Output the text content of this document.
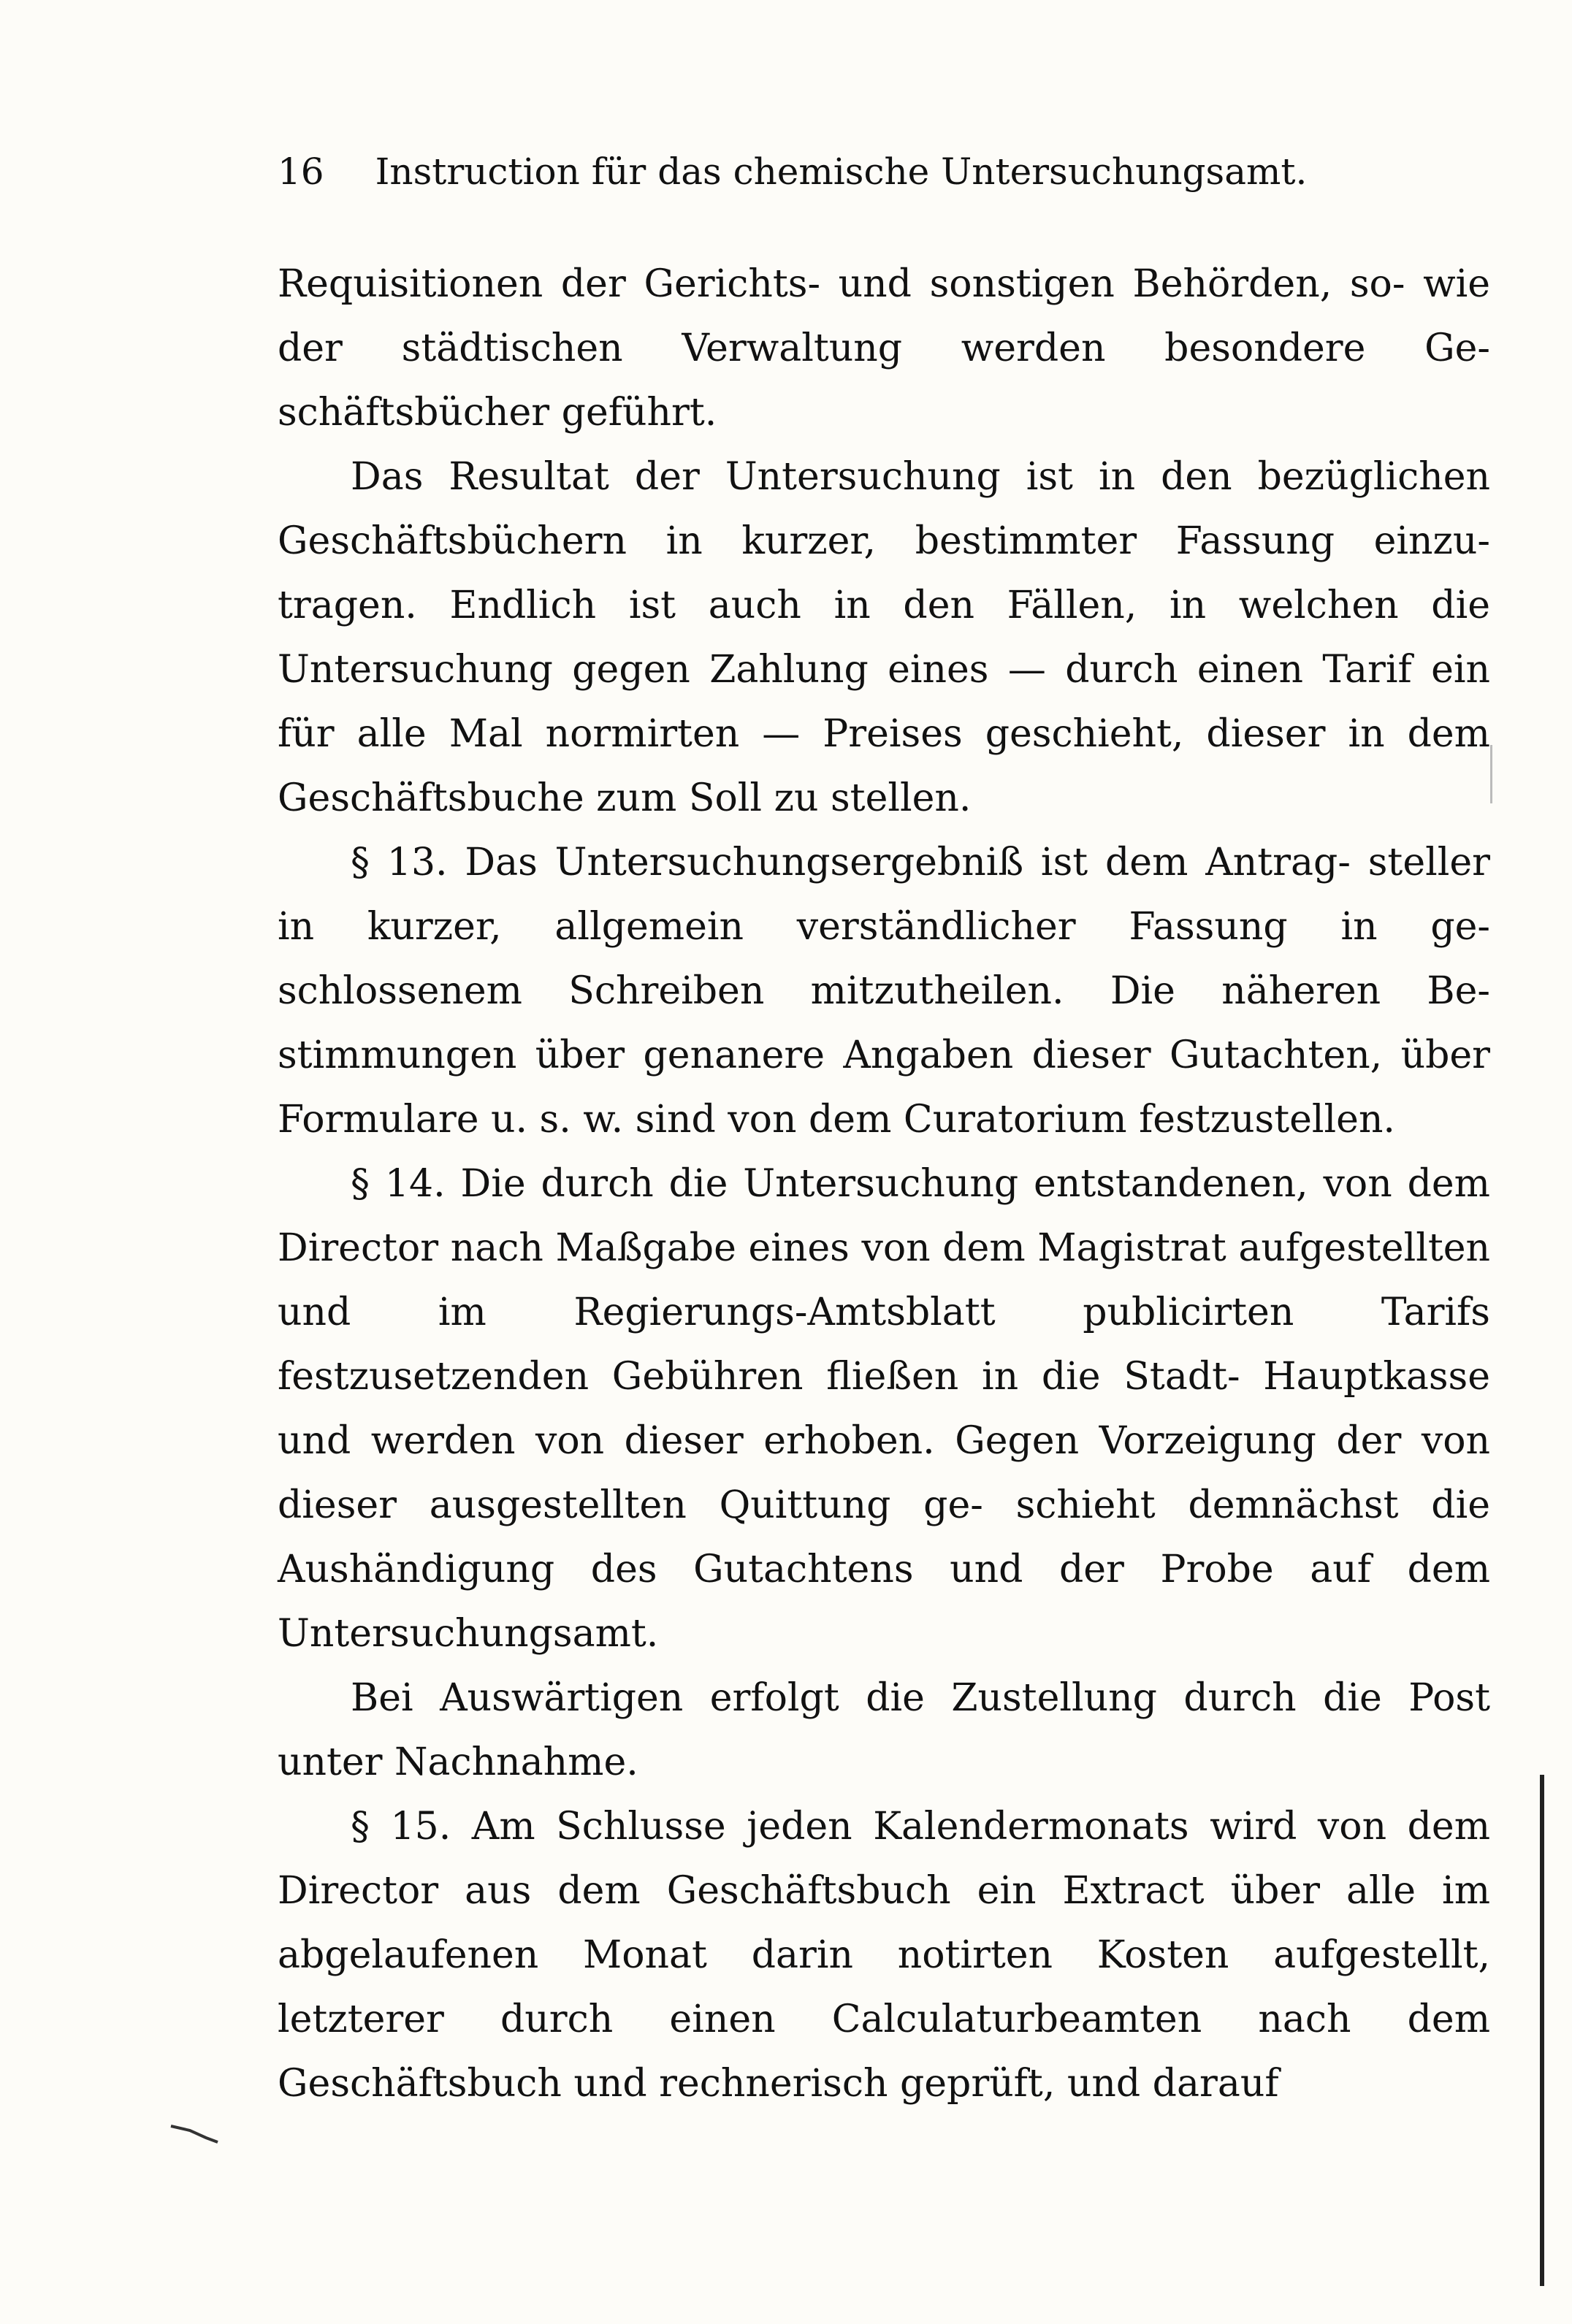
16 Instruction für das chemische Untersuchungsamt.

Requisitionen der Gerichts- und sonstigen Behörden, so- wie der städtischen Verwaltung werden besondere Ge- schäftsbücher geführt.

Das Resultat der Untersuchung ist in den bezüglichen Geschäftsbüchern in kurzer, bestimmter Fassung einzu- tragen. Endlich ist auch in den Fällen, in welchen die Untersuchung gegen Zahlung eines — durch einen Tarif ein für alle Mal normirten — Preises geschieht, dieser in dem Geschäftsbuche zum Soll zu stellen.

§ 13. Das Untersuchungsergebniß ist dem Antrag- steller in kurzer, allgemein verständlicher Fassung in ge- schlossenem Schreiben mitzutheilen. Die näheren Be- stimmungen über genanere Angaben dieser Gutachten, über Formulare u. s. w. sind von dem Curatorium festzustellen.

§ 14. Die durch die Untersuchung entstandenen, von dem Director nach Maßgabe eines von dem Magistrat aufgestellten und im Regierungs-Amtsblatt publicirten Tarifs festzusetzenden Gebühren fließen in die Stadt- Hauptkasse und werden von dieser erhoben. Gegen Vorzeigung der von dieser ausgestellten Quittung ge- schieht demnächst die Aushändigung des Gutachtens und der Probe auf dem Untersuchungsamt.

Bei Auswärtigen erfolgt die Zustellung durch die Post unter Nachnahme.

§ 15. Am Schlusse jeden Kalendermonats wird von dem Director aus dem Geschäftsbuch ein Extract über alle im abgelaufenen Monat darin notirten Kosten aufgestellt, letzterer durch einen Calculaturbeamten nach dem Geschäftsbuch und rechnerisch geprüft, und darauf
